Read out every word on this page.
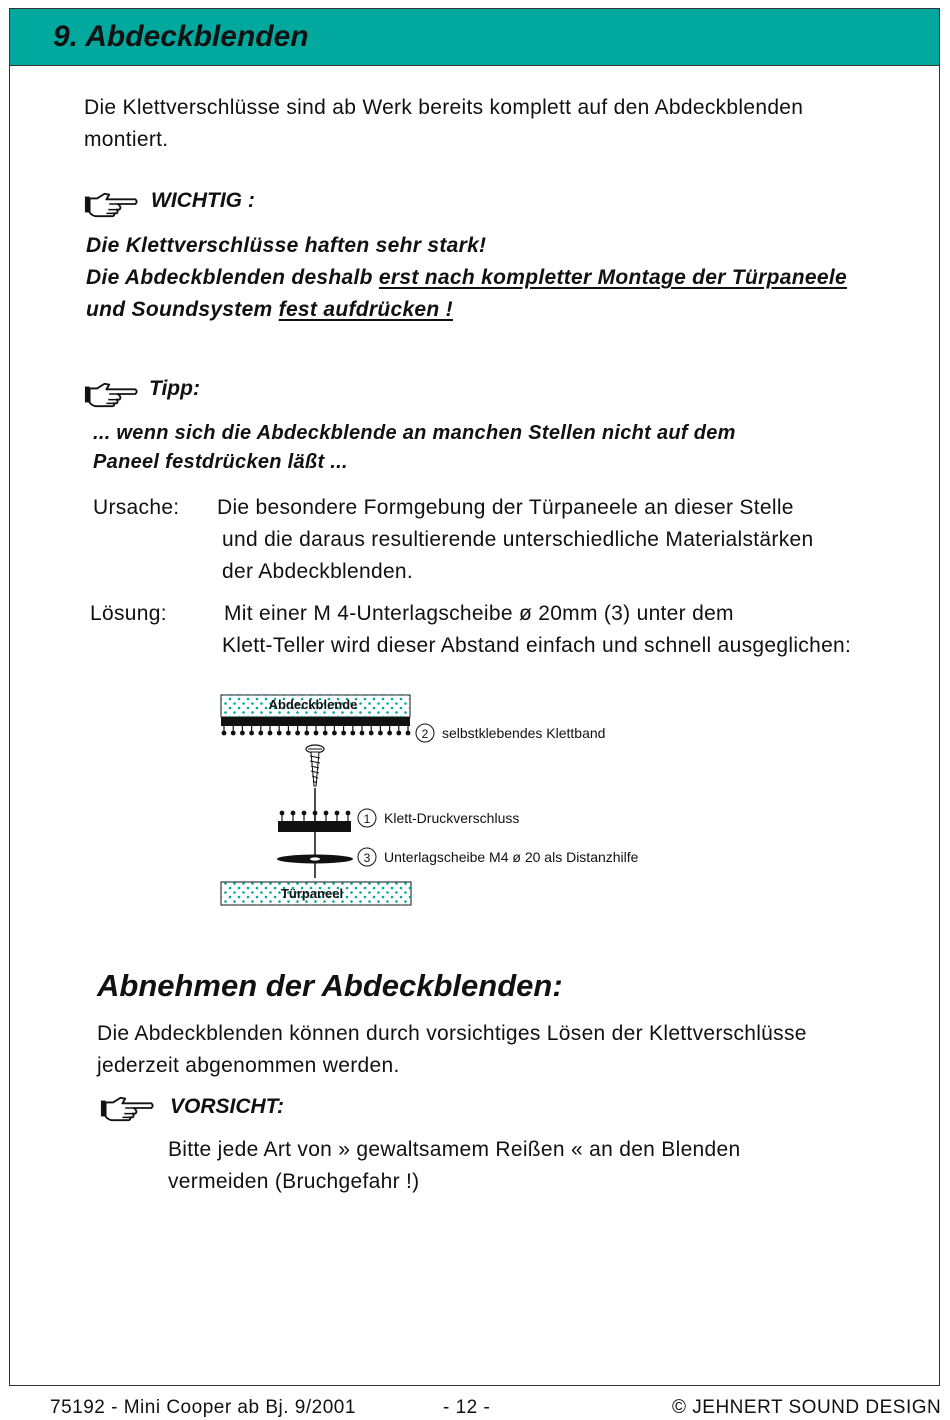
9. Abdeckblenden

Die Klettverschlüsse sind ab Werk bereits komplett auf den Abdeckblenden

montiert.

WICHTIG :

Die Klettverschlüsse haften sehr stark!

Die Abdeckblenden deshalb erst nach kompletter Montage der Türpaneele

und Soundsystem fest aufdrücken !

Tipp:

... wenn sich die Abdeckblende an manchen Stellen nicht auf dem

Paneel festdrücken läßt ...

Ursache: Die besondere Formgebung der Türpaneele an dieser Stelle

und die daraus resultierende unterschiedliche Materialstärken

der Abdeckblenden.

Lösung:	Mit einer M 4-Unterlagscheibe ø 20mm (3) unter dem

Klett-Teller wird dieser Abstand einfach und schnell ausgeglichen:

Abdeckblende
2 selbstklebendes Klettband
1 Klett-Druckverschluss
3 Unterlagscheibe M4 ø 20 als Distanzhilfe
Türpaneel
Abnehmen der Abdeckblenden:

Die Abdeckblenden können durch vorsichtiges Lösen der Klettverschlüsse

jederzeit abgenommen werden.

VORSICHT:

Bitte jede Art von » gewaltsamem Reißen « an den Blenden

vermeiden (Bruchgefahr !)

75192 - Mini Cooper ab Bj. 9/2001	- 12 -	© JEHNERT SOUND DESIGN
